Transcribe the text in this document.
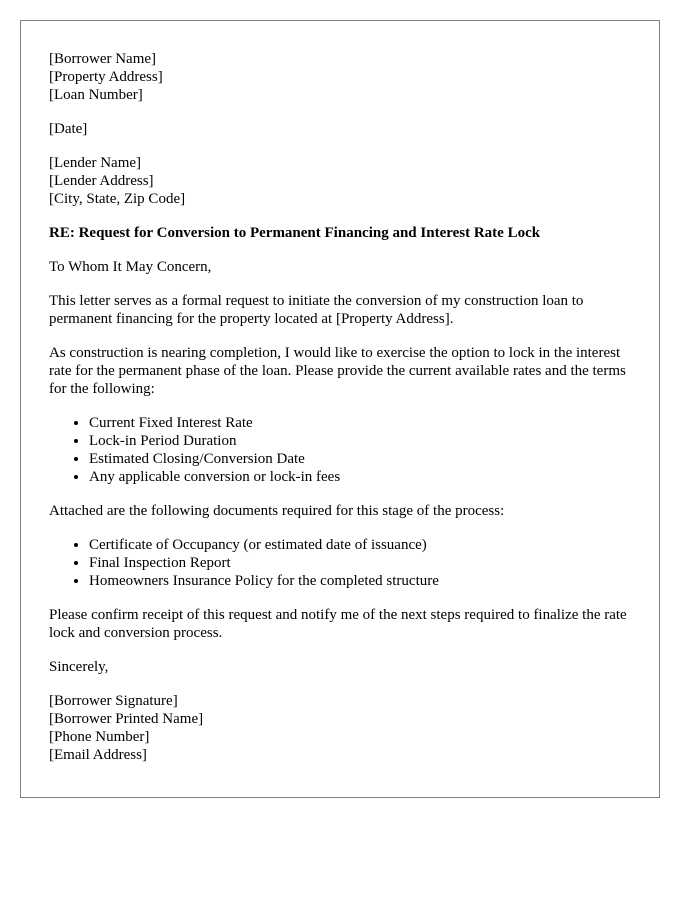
[Borrower Name]
[Property Address]
[Loan Number]
[Date]
[Lender Name]
[Lender Address]
[City, State, Zip Code]
RE: Request for Conversion to Permanent Financing and Interest Rate Lock

To Whom It May Concern,

This letter serves as a formal request to initiate the conversion of my construction loan to permanent financing for the property located at [Property Address].

As construction is nearing completion, I would like to exercise the option to lock in the interest rate for the permanent phase of the loan. Please provide the current available rates and the terms for the following:

• Current Fixed Interest Rate
• Lock-in Period Duration
• Estimated Closing/Conversion Date
• Any applicable conversion or lock-in fees

Attached are the following documents required for this stage of the process:

• Certificate of Occupancy (or estimated date of issuance)
• Final Inspection Report
• Homeowners Insurance Policy for the completed structure

Please confirm receipt of this request and notify me of the next steps required to finalize the rate lock and conversion process.

Sincerely,

[Borrower Signature]
[Borrower Printed Name]
[Phone Number]
[Email Address]
